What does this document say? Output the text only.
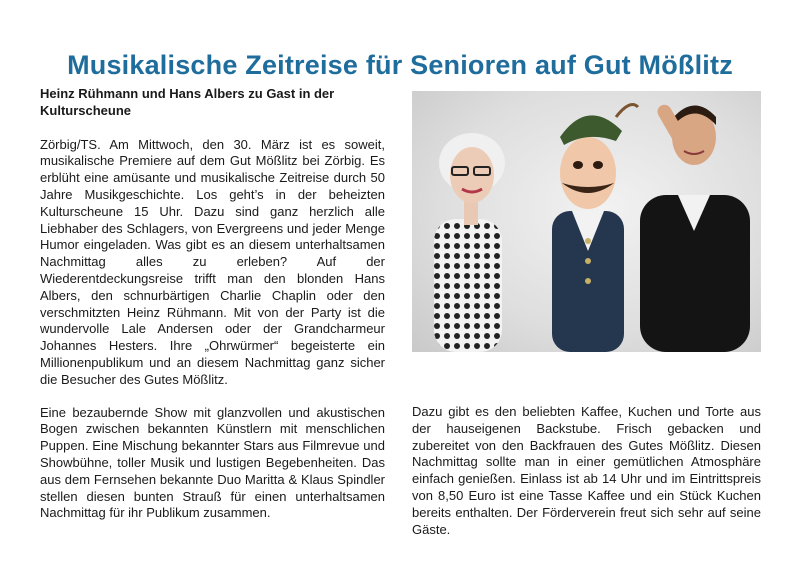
Musikalische Zeitreise für Senioren auf Gut Mößlitz

Heinz Rühmann und Hans Albers zu Gast in der Kulturscheune

Zörbig/TS. Am Mittwoch, den 30. März ist es soweit, musikalische Premiere auf dem Gut Mößlitz bei Zörbig. Es erblüht eine amüsante und musikalische Zeitreise durch 50 Jahre Musikgeschichte. Los geht’s in der beheizten Kulturscheune 15 Uhr. Dazu sind ganz herzlich alle Liebhaber des Schlagers, von Evergreens und jeder Menge Humor eingeladen. Was gibt es an diesem unterhaltsamen Nachmittag alles zu erleben? Auf der Wiederentdeckungsreise trifft man den blonden Hans Albers, den schnurbärtigen Charlie Chaplin oder den verschmitzten Heinz Rühmann. Mit von der Party ist die wundervolle Lale Andersen oder der Grandcharmeur Johannes Hesters. Ihre „Ohrwürmer“ begeisterte ein Millionenpublikum und an diesem Nachmittag ganz sicher die Besucher des Gutes Mößlitz.

Eine bezaubernde Show mit glanzvollen und akustischen Bogen zwischen bekannten Künstlern mit menschlichen Puppen. Eine Mischung bekannter Stars aus Filmrevue und Showbühne, toller Musik und lustigen Begebenheiten. Das aus dem Fernsehen bekannte Duo Maritta & Klaus Spindler stellen diesen bunten Strauß für einen unterhaltsamen Nachmittag für ihr Publikum zusammen.

Dazu gibt es den beliebten Kaffee, Kuchen und Torte aus der hauseigenen Backstube. Frisch gebacken und zubereitet von den Backfrauen des Gutes Mößlitz. Diesen Nachmittag sollte man in einer gemütlichen Atmosphäre einfach genießen. Einlass ist ab 14 Uhr und im Eintrittspreis von 8,50 Euro ist eine Tasse Kaffee und ein Stück Kuchen bereits enthalten. Der Förderverein freut sich sehr auf seine Gäste.
